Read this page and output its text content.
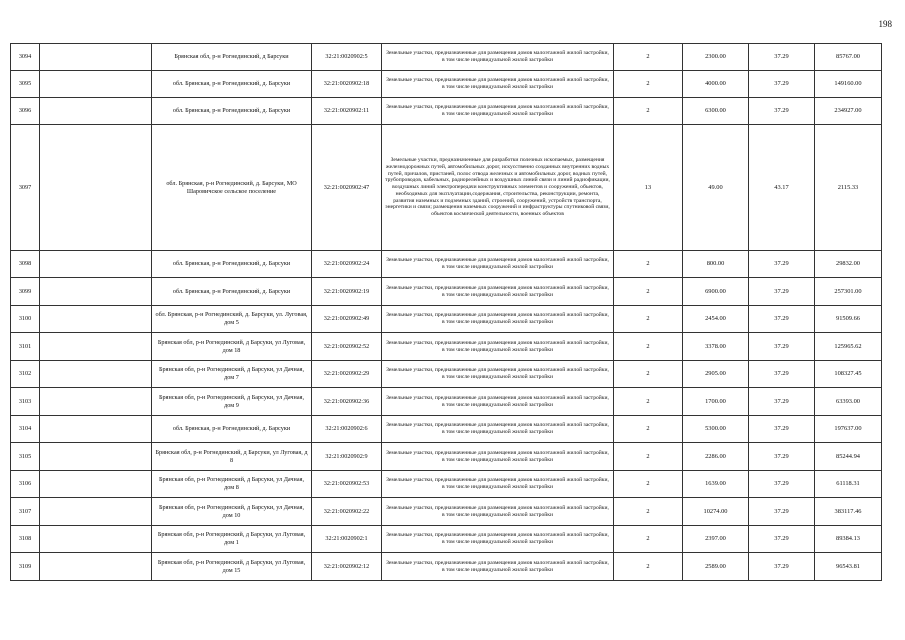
198
3094		Брянская обл, р-н Рогнединский, д Барсуки	32:21:0020902:5	Земельные участки, предназначенные для размещения домов малоэтажной жилой застройки, в том числе индивидуальной жилой застройки	2	2300.00	37.29	85767.00
3095		обл. Брянская, р-н Рогнединский, д. Барсуки	32:21:0020902:18	Земельные участки, предназначенные для размещения домов малоэтажной жилой застройки, в том числе индивидуальной жилой застройки	2	4000.00	37.29	149160.00
3096		обл. Брянская, р-н Рогнединский, д. Барсуки	32:21:0020902:11	Земельные участки, предназначенные для размещения домов малоэтажной жилой застройки, в том числе индивидуальной жилой застройки	2	6300.00	37.29	234927.00
3097		обл. Брянская, р-н Рогнединский, д. Барсуки, МО Шаровичское сельское поселение	32:21:0020902:47	Земельные участки, предназначенные для разработки полезных ископаемых, размещения железнодорожных путей, автомобильных дорог, искусственно созданных внутренних водных путей, причалов, пристаней, полос отвода железных и автомобильных дорог, водных путей, трубопроводов, кабельных, радиорелейных и воздушных линий связи и линий радиофикации, воздушных линий электропередачи конструктивных элементов и сооружений, объектов, необходимых для эксплуатации,содержания, строительства, реконструкции, ремонта, развития наземных и подземных зданий, строений, сооружений, устройств транспорта, энергетики и связи; размещения наземных сооружений и инфраструктуры спутниковой связи, объектов космической деятельности, военных объектов	13	49.00	43.17	2115.33
3098		обл. Брянская, р-н Рогнединский, д. Барсуки	32:21:0020902:24	Земельные участки, предназначенные для размещения домов малоэтажной жилой застройки, в том числе индивидуальной жилой застройки	2	800.00	37.29	29832.00
3099		обл. Брянская, р-н Рогнединский, д. Барсуки	32:21:0020902:19	Земельные участки, предназначенные для размещения домов малоэтажной жилой застройки, в том числе индивидуальной жилой застройки	2	6900.00	37.29	257301.00
3100		обл. Брянская, р-н Рогнединский, д. Барсуки, ул. Луговая, дом 5	32:21:0020902:49	Земельные участки, предназначенные для размещения домов малоэтажной жилой застройки, в том числе индивидуальной жилой застройки	2	2454.00	37.29	91509.66
3101		Брянская обл, р-н Рогнединский, д Барсуки, ул Луговая, дом 18	32:21:0020902:52	Земельные участки, предназначенные для размещения домов малоэтажной жилой застройки, в том числе индивидуальной жилой застройки	2	3378.00	37.29	125965.62
3102		Брянская обл, р-н Рогнединский, д Барсуки, ул Дачная, дом 7	32:21:0020902:29	Земельные участки, предназначенные для размещения домов малоэтажной жилой застройки, в том числе индивидуальной жилой застройки	2	2905.00	37.29	108327.45
3103		Брянская обл, р-н Рогнединский, д Барсуки, ул Дачная, дом 9	32:21:0020902:36	Земельные участки, предназначенные для размещения домов малоэтажной жилой застройки, в том числе индивидуальной жилой застройки	2	1700.00	37.29	63393.00
3104		обл. Брянская, р-н Рогнединский, д. Барсуки	32:21:0020902:6	Земельные участки, предназначенные для размещения домов малоэтажной жилой застройки, в том числе индивидуальной жилой застройки	2	5300.00	37.29	197637.00
3105		Брянская обл, р-н Рогнединский, д Барсуки, ул Луговая, д 8	32:21:0020902:9	Земельные участки, предназначенные для размещения домов малоэтажной жилой застройки, в том числе индивидуальной жилой застройки	2	2286.00	37.29	85244.94
3106		Брянская обл, р-н Рогнединский, д Барсуки, ул Дачная, дом 8	32:21:0020902:53	Земельные участки, предназначенные для размещения домов малоэтажной жилой застройки, в том числе индивидуальной жилой застройки	2	1639.00	37.29	61118.31
3107		Брянская обл, р-н Рогнединский, д Барсуки, ул Дачная, дом 10	32:21:0020902:22	Земельные участки, предназначенные для размещения домов малоэтажной жилой застройки, в том числе индивидуальной жилой застройки	2	10274.00	37.29	383117.46
3108		Брянская обл, р-н Рогнединский, д Барсуки, ул Луговая, дом 1	32:21:0020902:1	Земельные участки, предназначенные для размещения домов малоэтажной жилой застройки, в том числе индивидуальной жилой застройки	2	2397.00	37.29	89384.13
3109		Брянская обл, р-н Рогнединский, д Барсуки, ул Луговая, дом 15	32:21:0020902:12	Земельные участки, предназначенные для размещения домов малоэтажной жилой застройки, в том числе индивидуальной жилой застройки	2	2589.00	37.29	96543.81
